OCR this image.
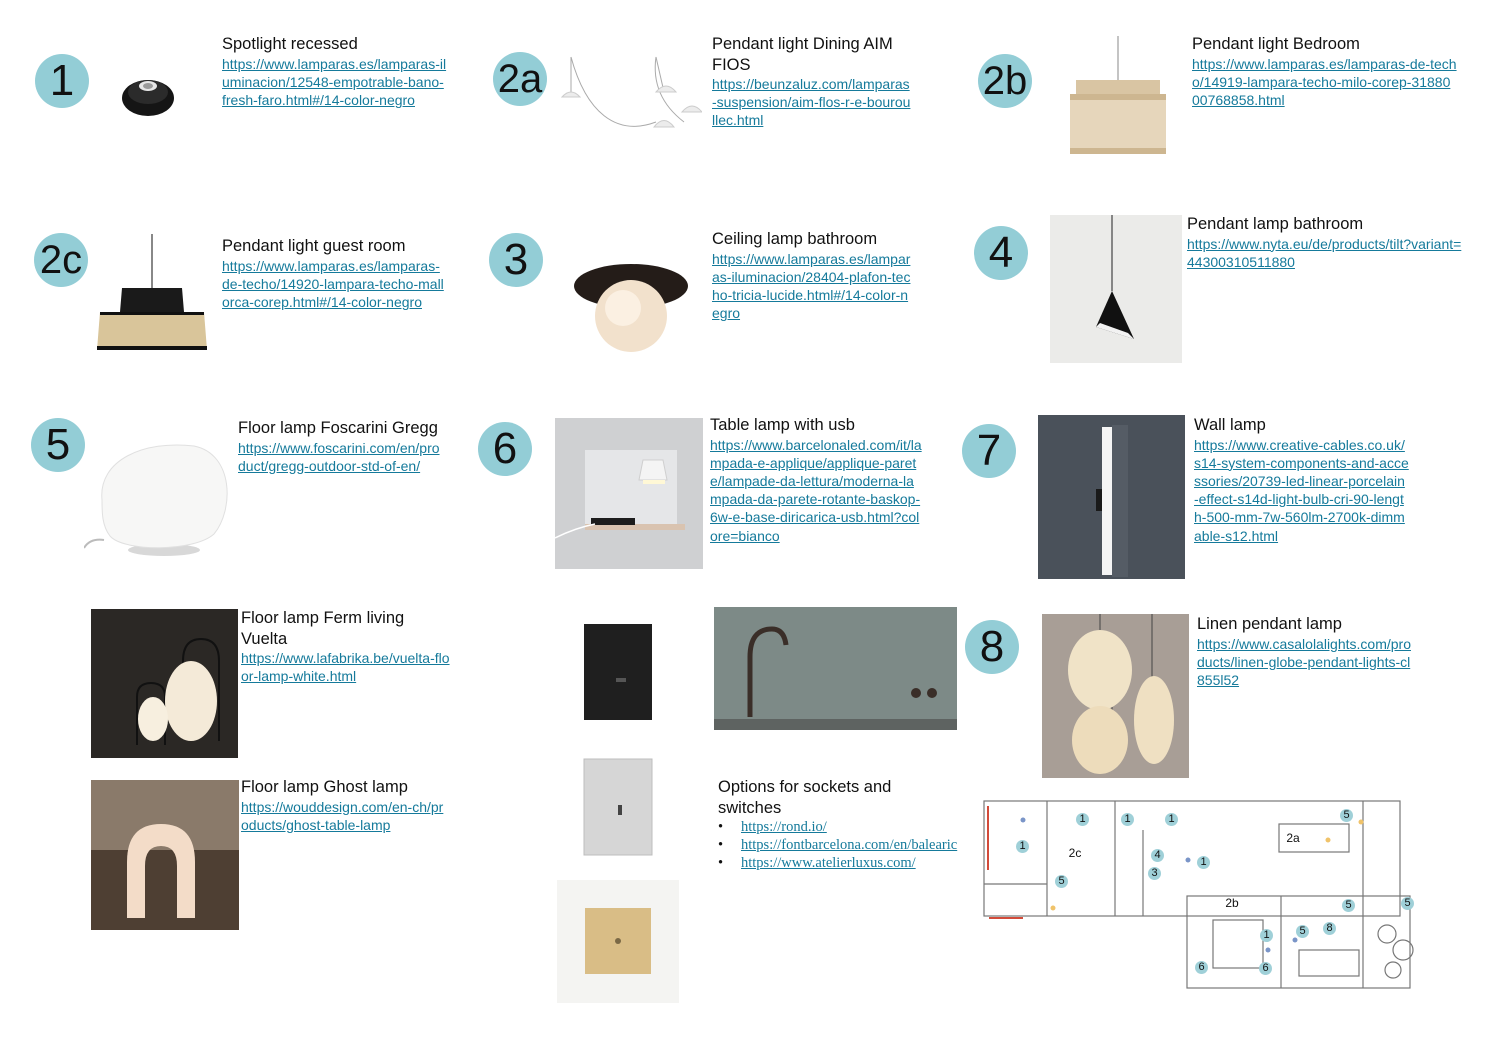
1
Spotlight recessed
https://www.lamparas.es/lamparas-iluminacion/12548-empotrable-bano-fresh-faro.html#/14-color-negro	2a
Pendant light Dining AIM FIOS
https://beunzaluz.com/lamparas-suspension/aim-flos-r-e-bouroullec.html
2b
Pendant light Bedroom
https://www.lamparas.es/lamparas-de-techo/14919-lampara-techo-milo-corep-3188000768858.html
2c	Pendant light guest room
https://www.lamparas.es/lamparas-de-techo/14920-lampara-techo-mallorca-corep.html#/14-color-negro
3	Ceiling lamp bathroom
https://www.lamparas.es/lamparas-iluminacion/28404-plafon-techo-tricia-lucide.html#/14-color-negro
4
Pendant lamp bathroom
https://www.nyta.eu/de/products/tilt?variant=44300310511880
5	Floor lamp Foscarini Gregg
https://www.foscarini.com/en/product/gregg-outdoor-std-of-en/	6	Table lamp with usb
https://www.barcelonaled.com/it/lampada-e-applique/applique-parete/lampade-da-lettura/moderna-lampada-da-parete-rotante-baskop-6w-e-base-diricarica-usb.html?colore=bianco
7
Wall lamp
https://www.creative-cables.co.uk/s14-system-components-and-accessories/20739-led-linear-porcelain-effect-s14d-light-bulb-cri-90-length-500-mm-7w-560lm-2700k-dimmable-s12.html
Floor lamp Ferm living Vuelta
https://www.lafabrika.be/vuelta-floor-lamp-white.html
8	Linen pendant lamp
https://www.casalolalights.com/products/linen-globe-pendant-lights-cl855l52
Floor lamp Ghost lamp
https://wouddesign.com/en-ch/products/ghost-table-lamp
Options for sockets and switches
• https://rond.io/
• https://fontbarcelona.com/en/balearic
• https://www.atelierluxus.com/
1	1	1
1	2c	4
3
1
5
2a
5
2b	5
8
5
1	5
6	6
